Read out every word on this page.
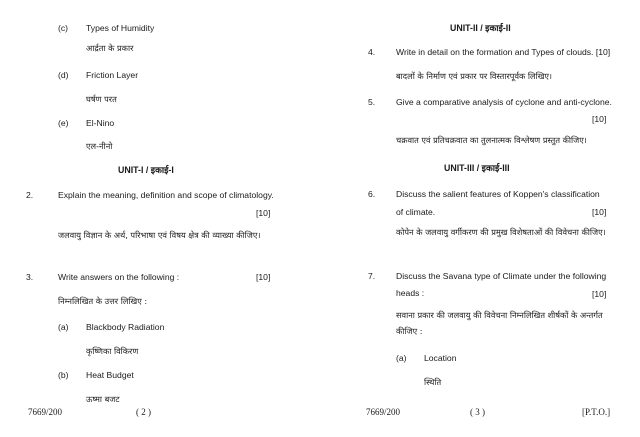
(c) Types of Humidity
आर्द्रता के प्रकार
(d) Friction Layer
घर्षण परत
(e) El-Nino
एल-नीनो
UNIT-I / इकाई-I
2.	Explain the meaning, definition and scope of climatology.
[10]
जलवायु विज्ञान के अर्थ, परिभाषा एवं विषय क्षेत्र की व्याख्या कीजिए।
3.	Write answers on the following :	[10]
निम्नलिखित के उत्तर लिखिए :
(a) Blackbody Radiation
कृष्णिका विकिरण
(b) Heat Budget
ऊष्मा बजट
7669/200	( 2 )
UNIT-II / इकाई-II
4. Write in detail on the formation and Types of clouds. [10]
बादलों के निर्माण एवं प्रकार पर विस्तारपूर्वक लिखिए।
5. Give a comparative analysis of cyclone and anti-cyclone.
[10]
चक्रवात एवं प्रतिचक्रवात का तुलनात्मक विश्लेषण प्रस्तुत कीजिए।
UNIT-III / इकाई-III
6. Discuss the salient features of Koppen's classification
of climate.	[10]
कोपेन के जलवायु वर्गीकरण की प्रमुख विशेषताओं की विवेचना कीजिए।
7. Discuss the Savana type of Climate under the following
heads :	[10]
सवाना प्रकार की जलवायु की विवेचना निम्नलिखित शीर्षकों के अन्तर्गत कीजिए :
(a) Location
स्थिति
7669/200	( 3 )	[P.T.O.]
